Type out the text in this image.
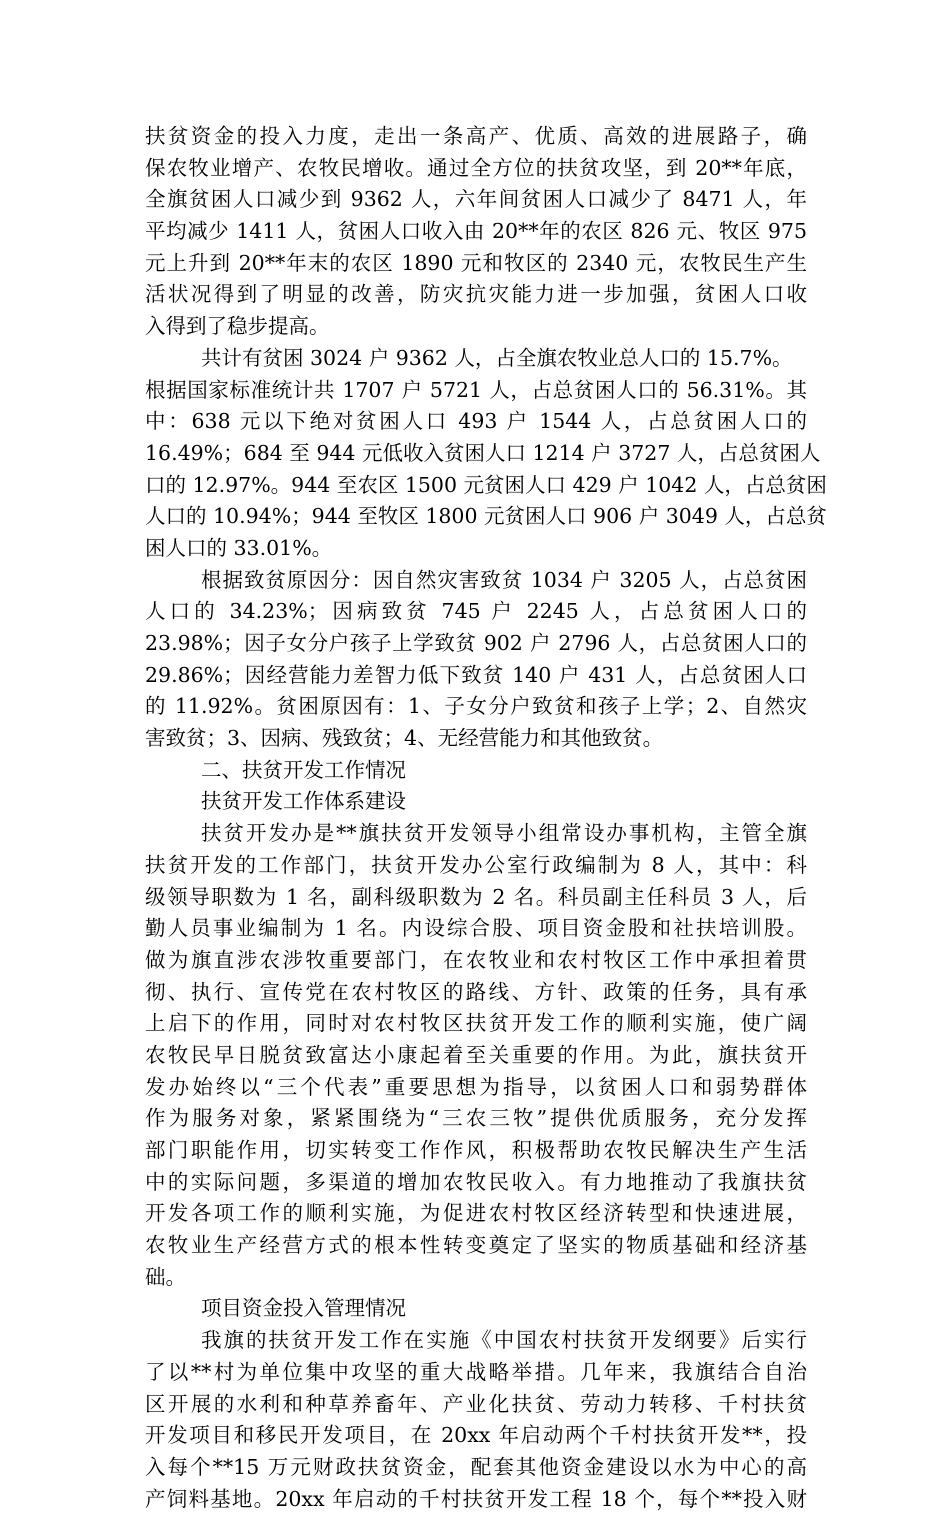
扶贫资金的投入力度，走出一条高产、优质、高效的进展路子，确
保农牧业增产、农牧民增收。通过全方位的扶贫攻坚，到 20**年底，
全旗贫困人口减少到 9362 人，六年间贫困人口减少了 8471 人，年
平均减少 1411 人，贫困人口收入由 20**年的农区 826 元、牧区 975
元上升到 20**年末的农区 1890 元和牧区的 2340 元，农牧民生产生
活状况得到了明显的改善，防灾抗灾能力进一步加强，贫困人口收
入得到了稳步提高。
共计有贫困 3024 户 9362 人，占全旗农牧业总人口的 15.7%。
根据国家标准统计共 1707 户 5721 人，占总贫困人口的 56.31%。其
中：638 元以下绝对贫困人口 493 户 1544 人，占总贫困人口的
16.49%；684 至 944 元低收入贫困人口 1214 户 3727 人，占总贫困人
口的 12.97%。944 至农区 1500 元贫困人口 429 户 1042 人，占总贫困
人口的 10.94%；944 至牧区 1800 元贫困人口 906 户 3049 人，占总贫
困人口的 33.01%。
根据致贫原因分：因自然灾害致贫 1034 户 3205 人，占总贫困
人口的 34.23%；因病致贫 745 户 2245 人，占总贫困人口的
23.98%；因子女分户孩子上学致贫 902 户 2796 人，占总贫困人口的
29.86%；因经营能力差智力低下致贫 140 户 431 人，占总贫困人口
的 11.92%。贫困原因有：1、子女分户致贫和孩子上学；2、自然灾
害致贫；3、因病、残致贫；4、无经营能力和其他致贫。
二、扶贫开发工作情况
扶贫开发工作体系建设
扶贫开发办是**旗扶贫开发领导小组常设办事机构，主管全旗
扶贫开发的工作部门，扶贫开发办公室行政编制为 8 人，其中：科
级领导职数为 1 名，副科级职数为 2 名。科员副主任科员 3 人，后
勤人员事业编制为 1 名。内设综合股、项目资金股和社扶培训股。
做为旗直涉农涉牧重要部门，在农牧业和农村牧区工作中承担着贯
彻、执行、宣传党在农村牧区的路线、方针、政策的任务，具有承
上启下的作用，同时对农村牧区扶贫开发工作的顺利实施，使广阔
农牧民早日脱贫致富达小康起着至关重要的作用。为此，旗扶贫开
发办始终以“三个代表”重要思想为指导，以贫困人口和弱势群体
作为服务对象，紧紧围绕为“三农三牧”提供优质服务，充分发挥
部门职能作用，切实转变工作作风，积极帮助农牧民解决生产生活
中的实际问题，多渠道的增加农牧民收入。有力地推动了我旗扶贫
开发各项工作的顺利实施，为促进农村牧区经济转型和快速进展，
农牧业生产经营方式的根本性转变奠定了坚实的物质基础和经济基
础。
项目资金投入管理情况
我旗的扶贫开发工作在实施《中国农村扶贫开发纲要》后实行
了以**村为单位集中攻坚的重大战略举措。几年来，我旗结合自治
区开展的水利和种草养畜年、产业化扶贫、劳动力转移、千村扶贫
开发项目和移民开发项目，在 20xx 年启动两个千村扶贫开发**，投
入每个**15 万元财政扶贫资金，配套其他资金建设以水为中心的高
产饲料基地。20xx 年启动的千村扶贫开发工程 18 个，每个**投入财
